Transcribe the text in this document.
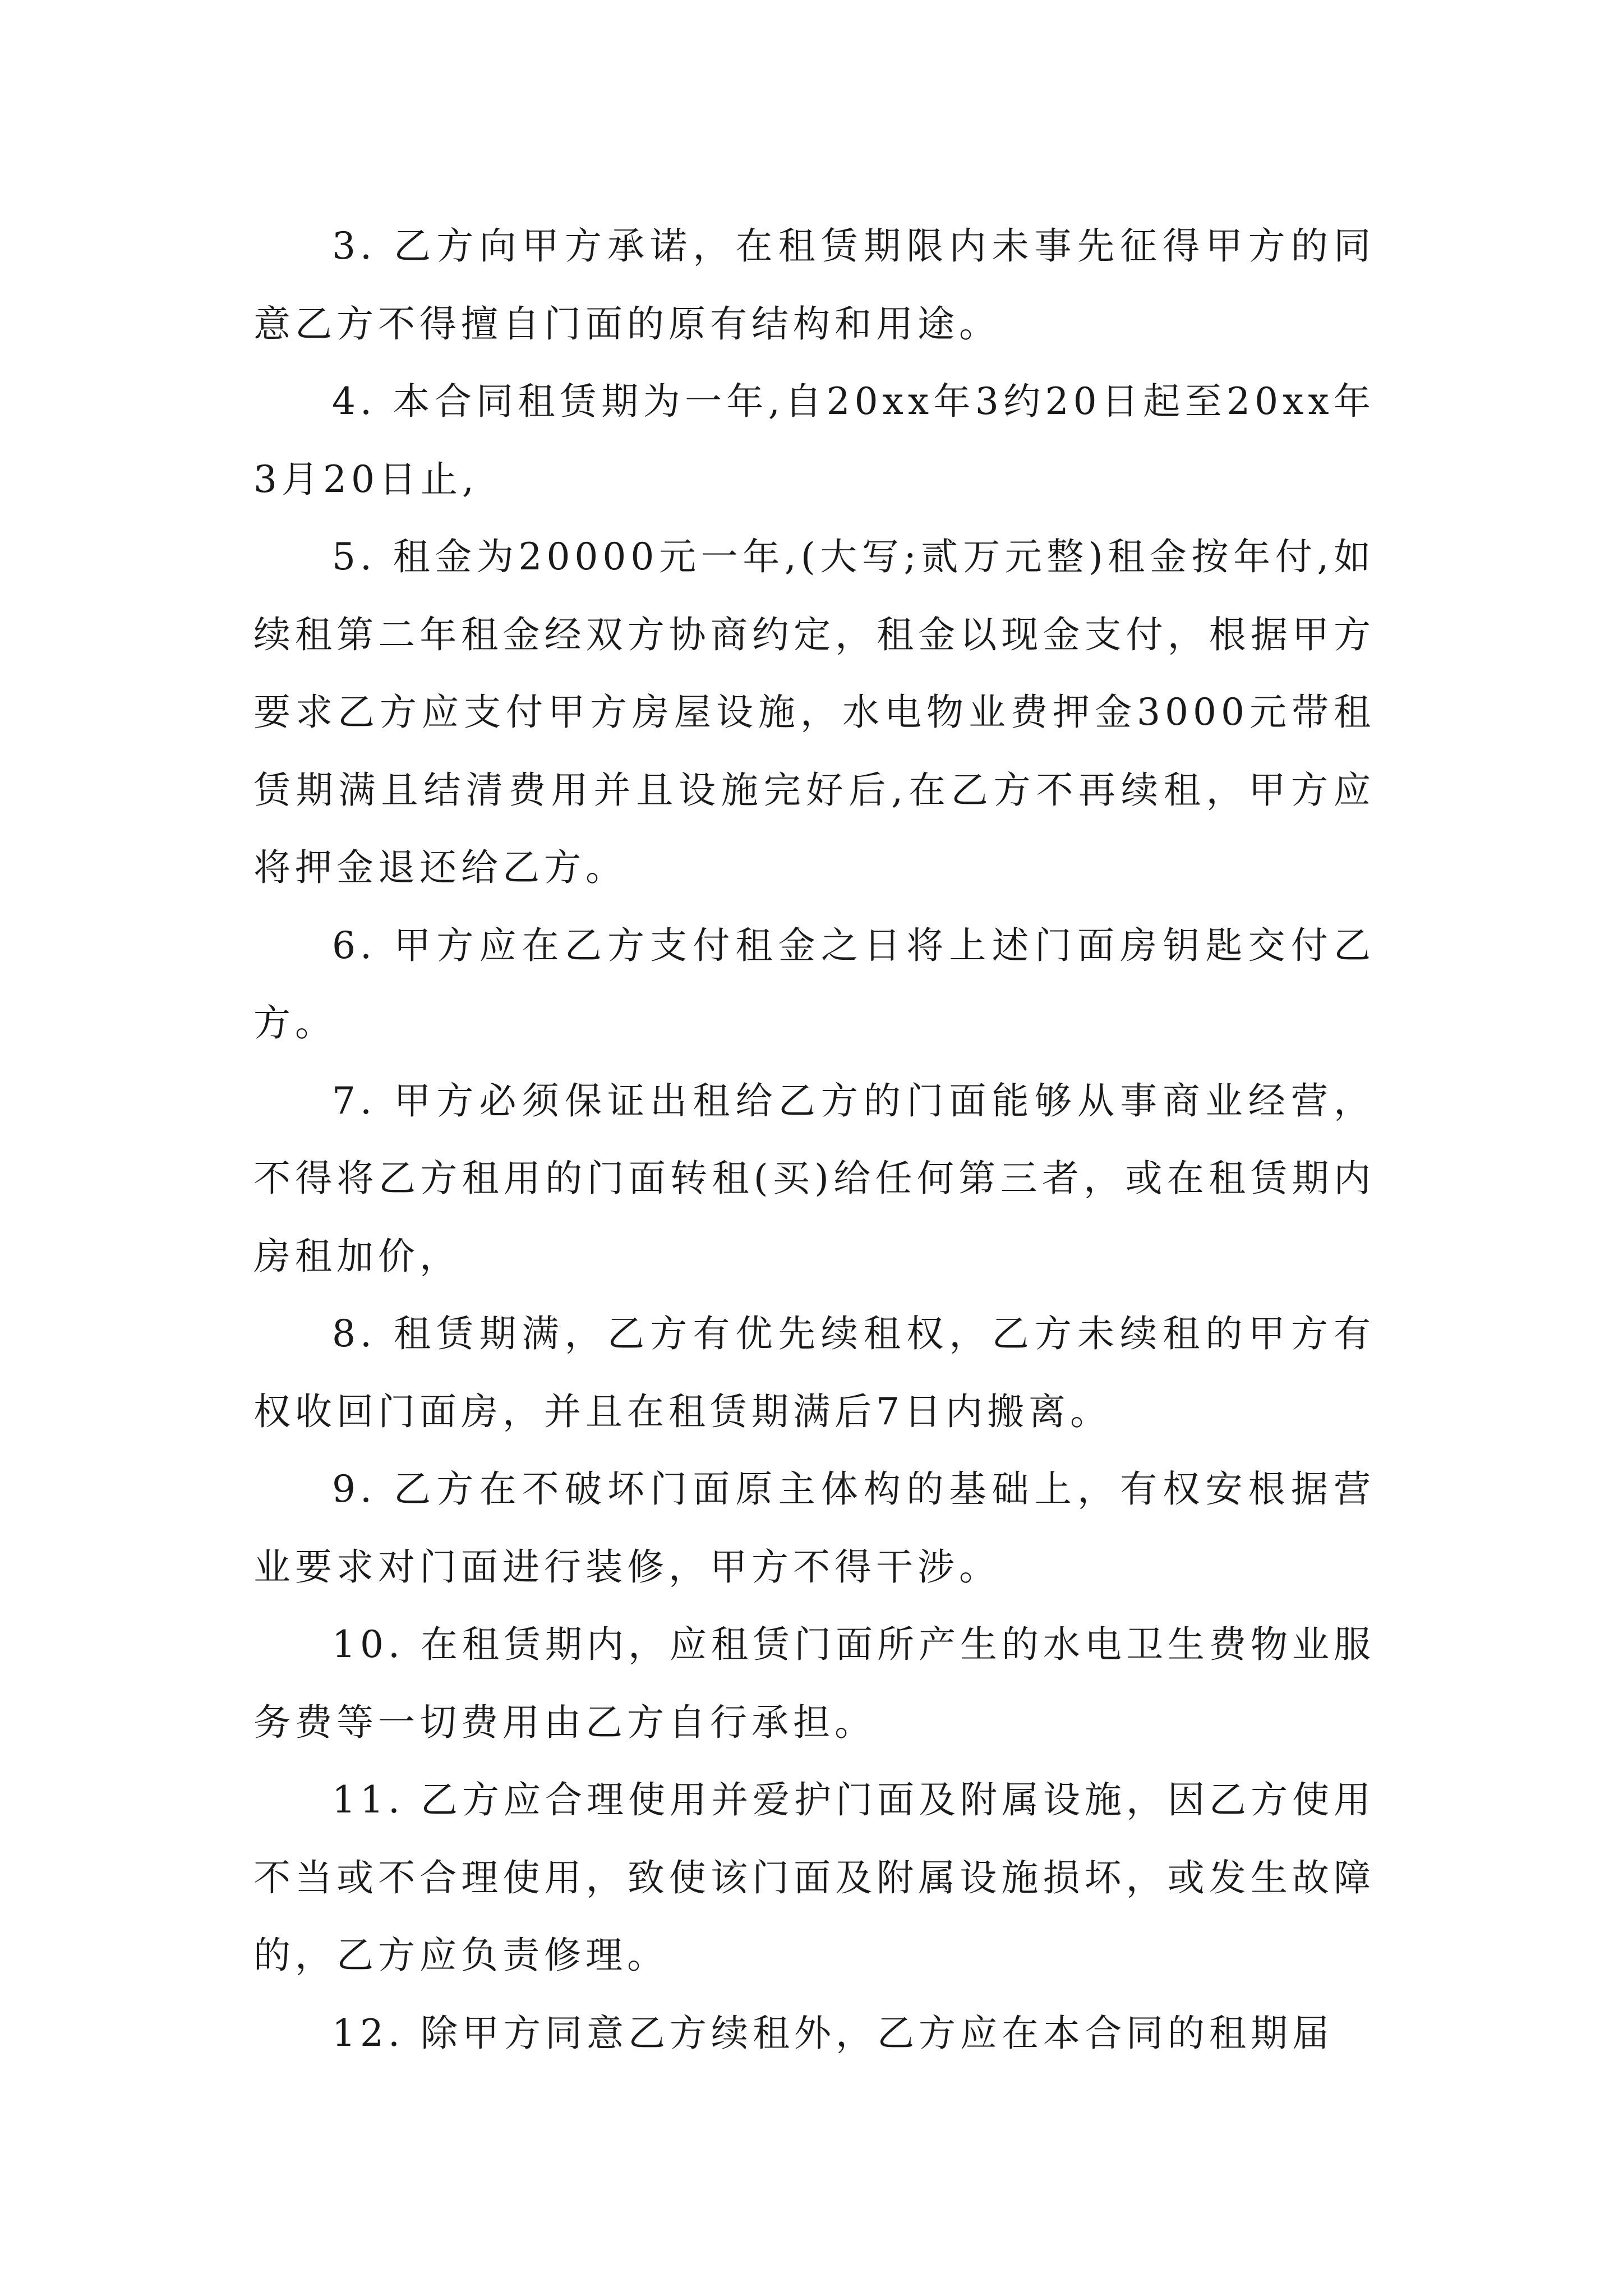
3. 乙方向甲方承诺，在租赁期限内未事先征得甲方的同意乙方不得擅自门面的原有结构和用途。

4. 本合同租赁期为一年,自20xx年3约20日起至20xx年3月20日止,

5. 租金为20000元一年,(大写;贰万元整)租金按年付,如续租第二年租金经双方协商约定，租金以现金支付，根据甲方要求乙方应支付甲方房屋设施，水电物业费押金3000元带租赁期满且结清费用并且设施完好后,在乙方不再续租，甲方应将押金退还给乙方。

6. 甲方应在乙方支付租金之日将上述门面房钥匙交付乙方。

7. 甲方必须保证出租给乙方的门面能够从事商业经营，不得将乙方租用的门面转租(买)给任何第三者，或在租赁期内房租加价，

8. 租赁期满，乙方有优先续租权，乙方未续租的甲方有权收回门面房，并且在租赁期满后7日内搬离。

9. 乙方在不破坏门面原主体构的基础上，有权安根据营业要求对门面进行装修，甲方不得干涉。

10. 在租赁期内，应租赁门面所产生的水电卫生费物业服务费等一切费用由乙方自行承担。

11. 乙方应合理使用并爱护门面及附属设施，因乙方使用不当或不合理使用，致使该门面及附属设施损坏，或发生故障的，乙方应负责修理。

12. 除甲方同意乙方续租外，乙方应在本合同的租期届
